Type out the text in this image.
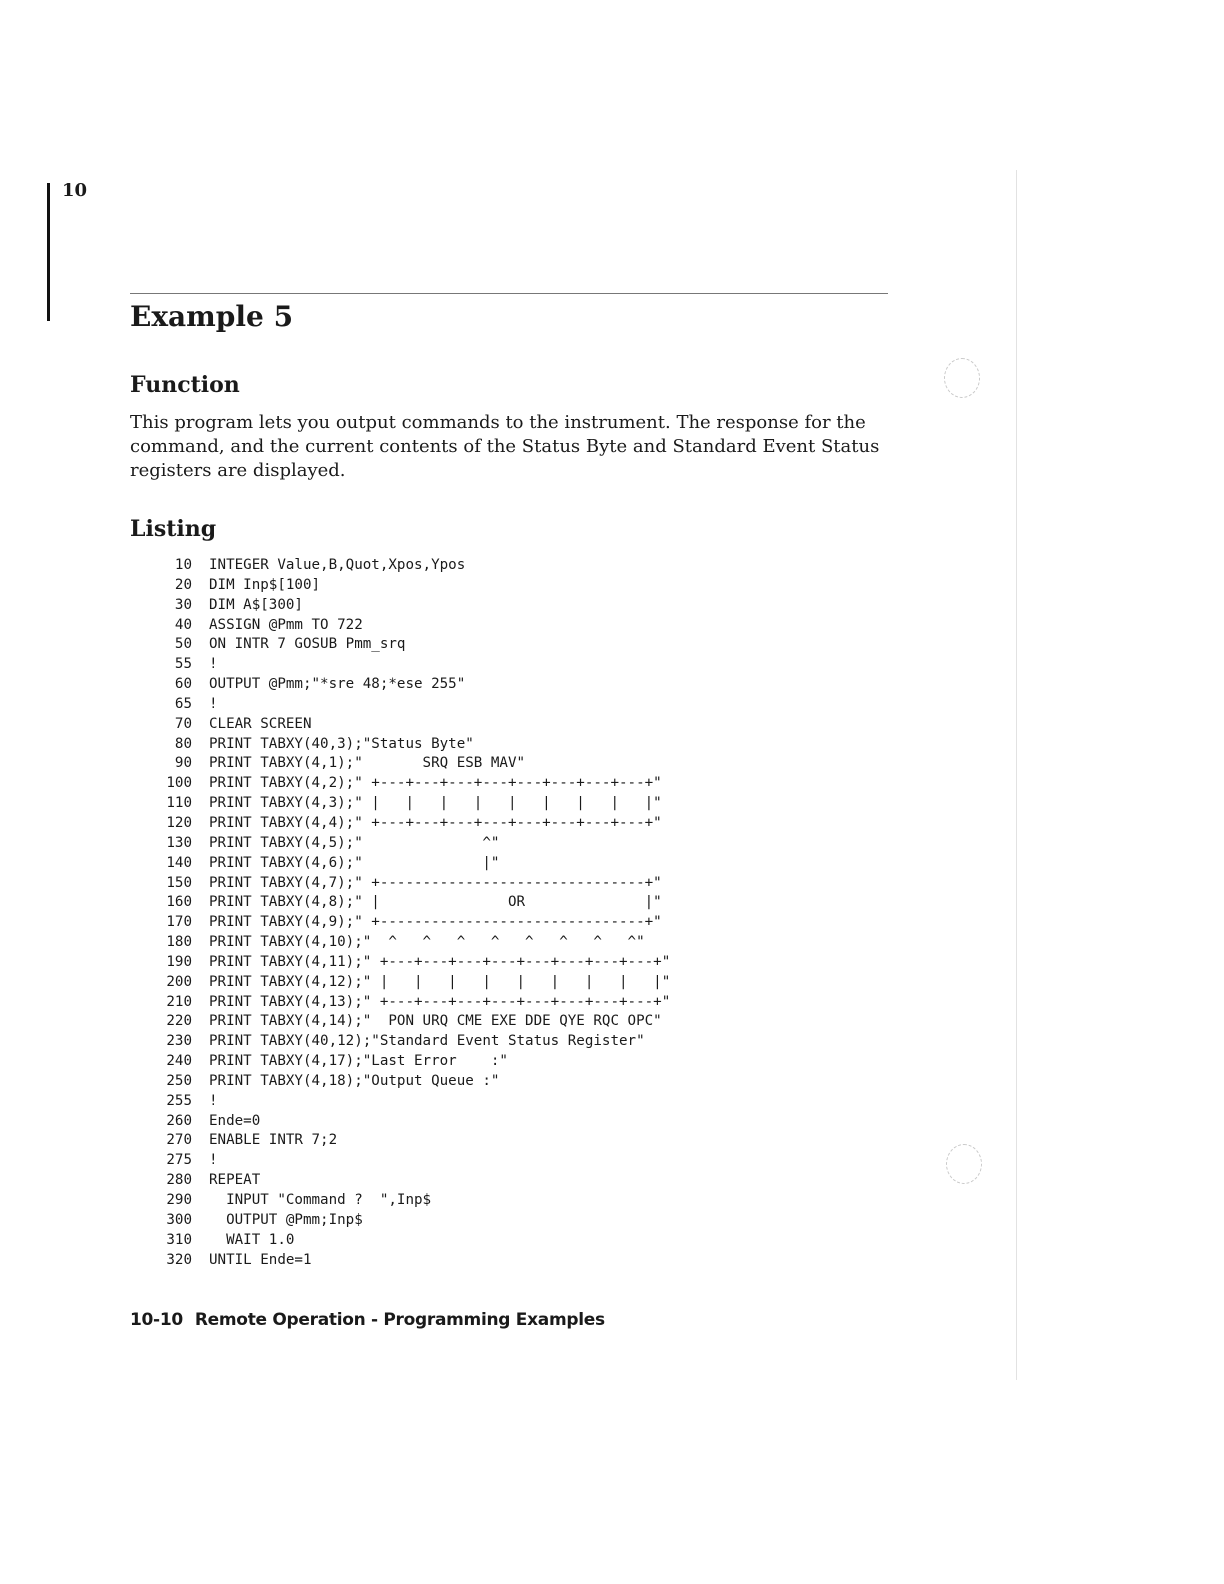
10
Example 5
Function

This program lets you output commands to the instrument. The response for the command, and the current contents of the Status Byte and Standard Event Status registers are displayed.

Listing
10 INTEGER Value,B,Quot,Xpos,Ypos
20 DIM Inp$[100]
30 DIM A$[300]
40 ASSIGN @Pmm TO 722
50 ON INTR 7 GOSUB Pmm_srq
55 !
60 OUTPUT @Pmm;"*sre 48;*ese 255"
65 !
70 CLEAR SCREEN
80 PRINT TABXY(40,3);"Status Byte"
90 PRINT TABXY(4,1);"       SRQ ESB MAV"
100 PRINT TABXY(4,2);" +---+---+---+---+---+---+---+---+"
110 PRINT TABXY(4,3);" |   |   |   |   |   |   |   |   |"
120 PRINT TABXY(4,4);" +---+---+---+---+---+---+---+---+"
130 PRINT TABXY(4,5);"              ^"
140 PRINT TABXY(4,6);"              |"
150 PRINT TABXY(4,7);" +-------------------------------+"
160 PRINT TABXY(4,8);" |               OR              |"
170 PRINT TABXY(4,9);" +-------------------------------+"
180 PRINT TABXY(4,10);"  ^   ^   ^   ^   ^   ^   ^   ^"
190 PRINT TABXY(4,11);" +---+---+---+---+---+---+---+---+"
200 PRINT TABXY(4,12);" |   |   |   |   |   |   |   |   |"
210 PRINT TABXY(4,13);" +---+---+---+---+---+---+---+---+"
220 PRINT TABXY(4,14);"  PON URQ CME EXE DDE QYE RQC OPC"
230 PRINT TABXY(40,12);"Standard Event Status Register"
240 PRINT TABXY(4,17);"Last Error    :"
250 PRINT TABXY(4,18);"Output Queue :"
255 !
260 Ende=0
270 ENABLE INTR 7;2
275 !
280 REPEAT
290  INPUT "Command ?  ",Inp$
300  OUTPUT @Pmm;Inp$
310  WAIT 1.0
320 UNTIL Ende=1
10-10 Remote Operation - Programming Examples
